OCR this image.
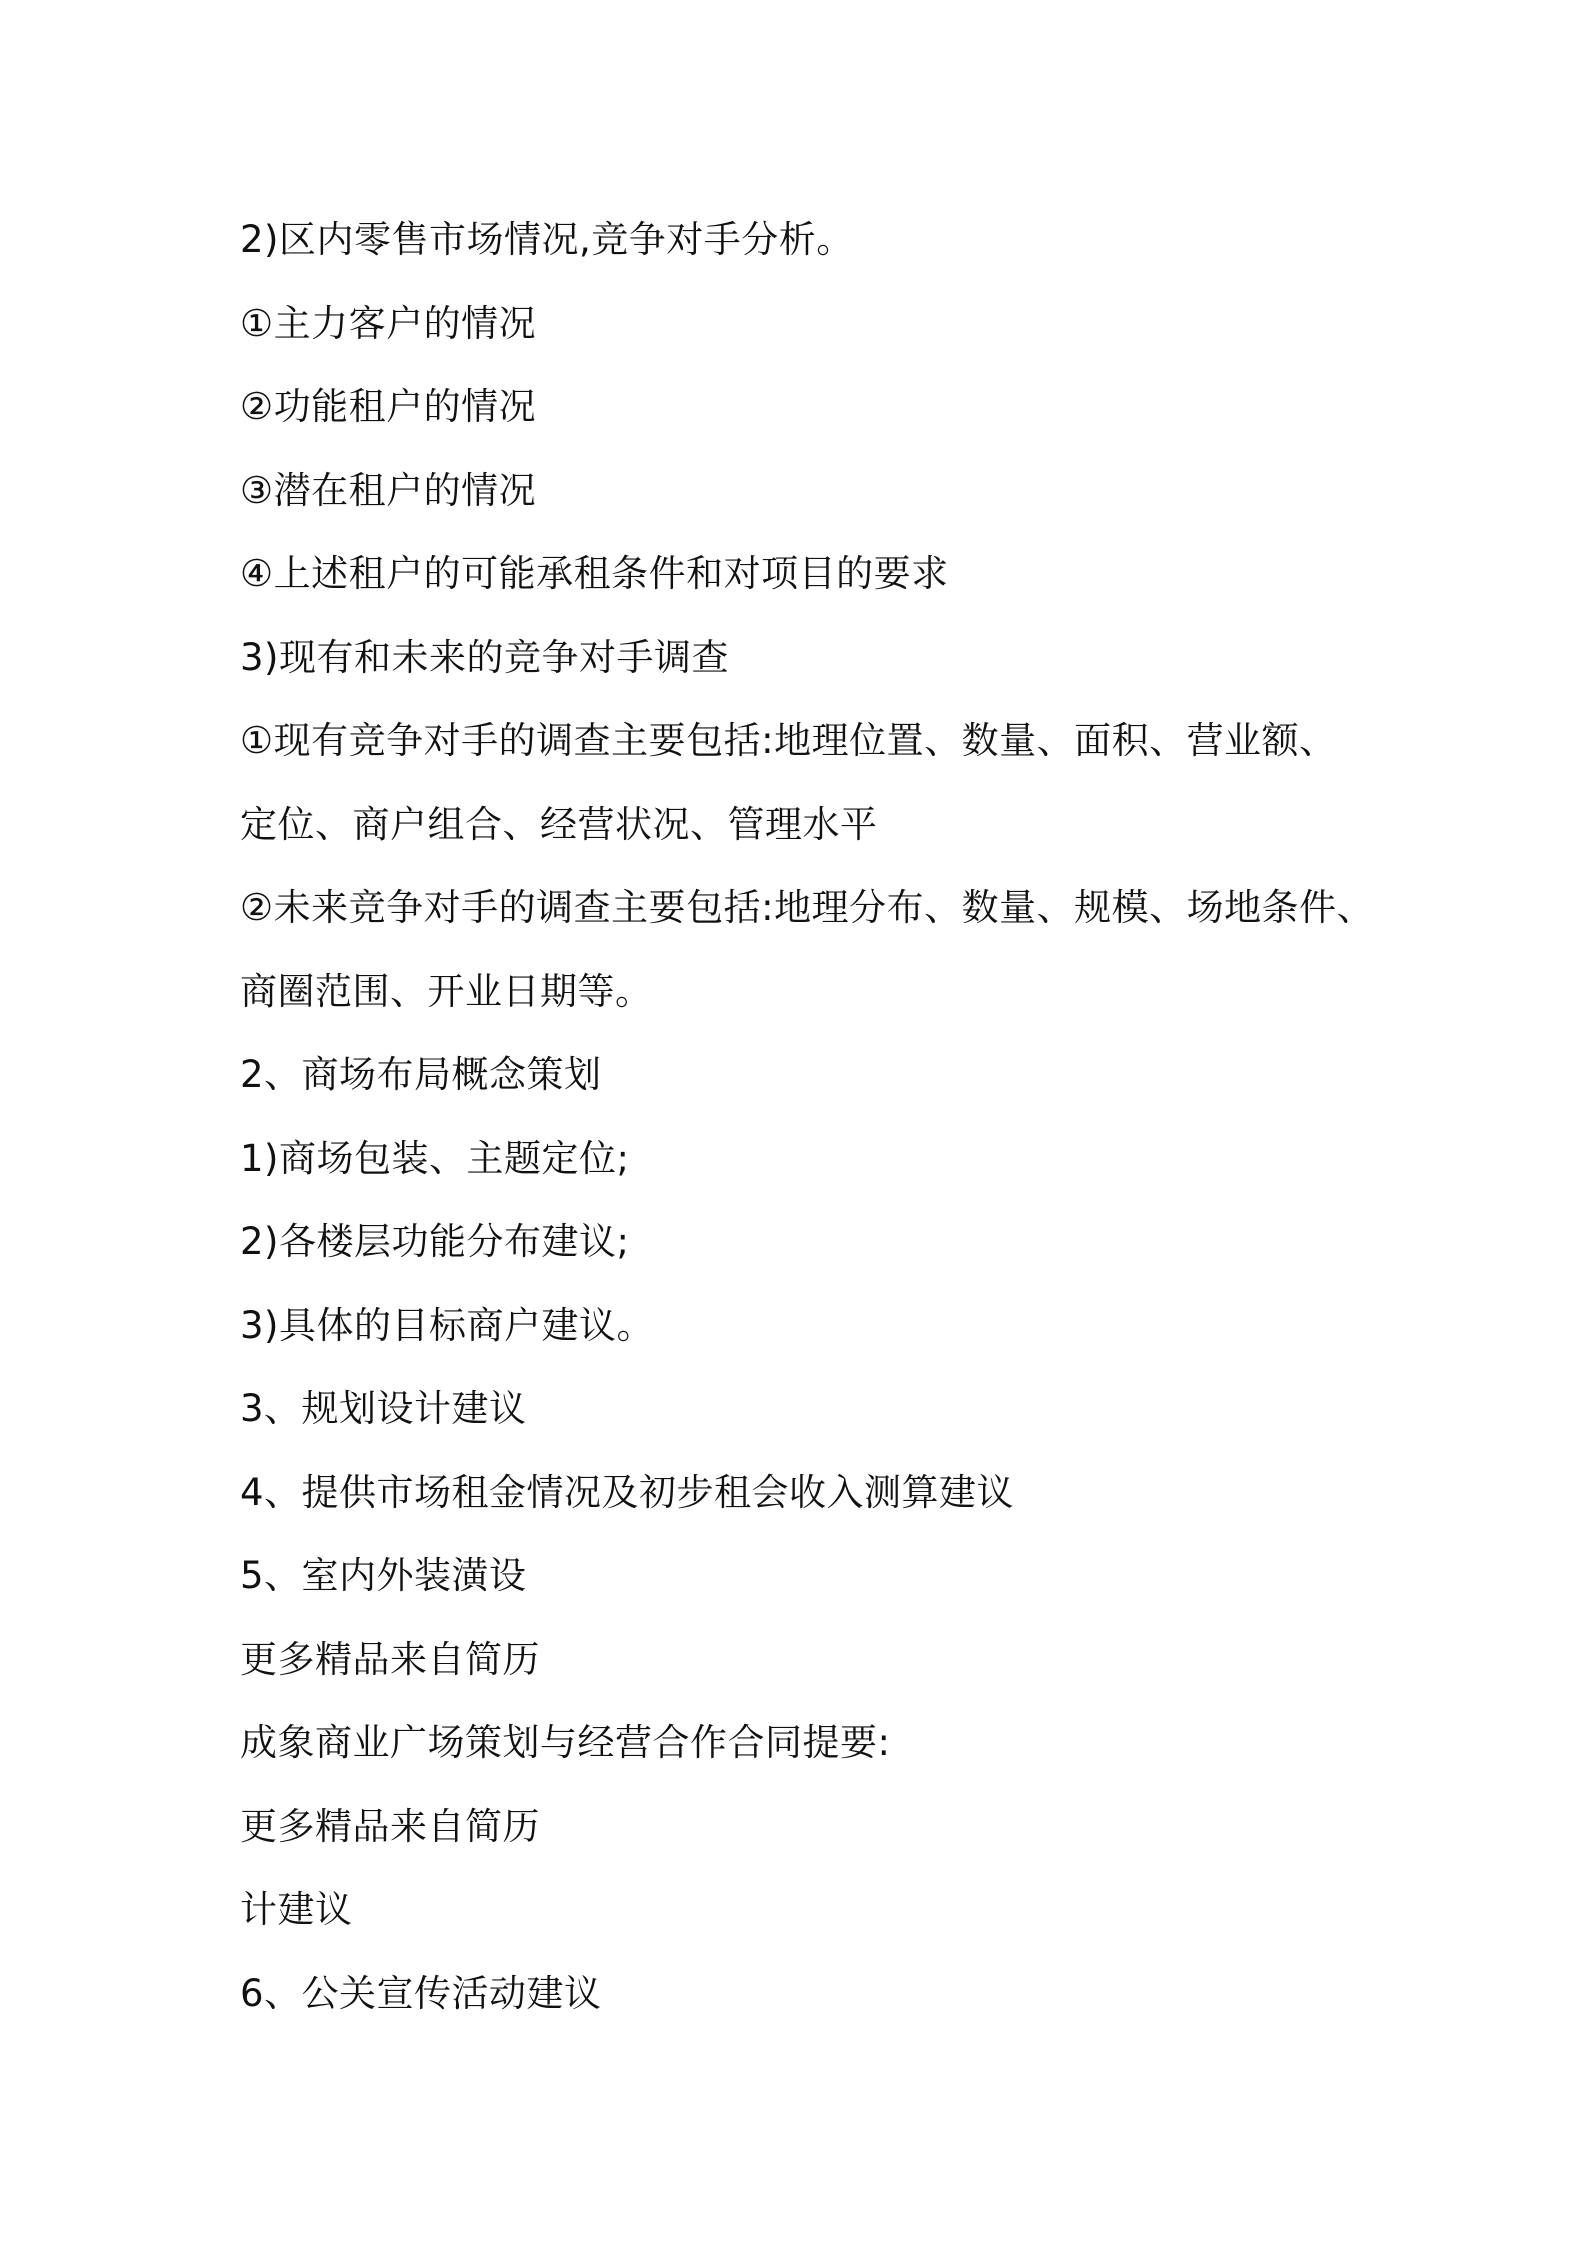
2)区内零售市场情况,竞争对手分析。
①主力客户的情况
②功能租户的情况
③潜在租户的情况
④上述租户的可能承租条件和对项目的要求
3)现有和未来的竞争对手调查
①现有竞争对手的调查主要包括:地理位置、数量、面积、营业额、
定位、商户组合、经营状况、管理水平
②未来竞争对手的调查主要包括:地理分布、数量、规模、场地条件、
商圈范围、开业日期等。
2、商场布局概念策划
1)商场包装、主题定位;
2)各楼层功能分布建议;
3)具体的目标商户建议。
3、规划设计建议
4、提供市场租金情况及初步租会收入测算建议
5、室内外装潢设
更多精品来自简历
成象商业广场策划与经营合作合同提要:
更多精品来自简历
计建议
6、公关宣传活动建议
